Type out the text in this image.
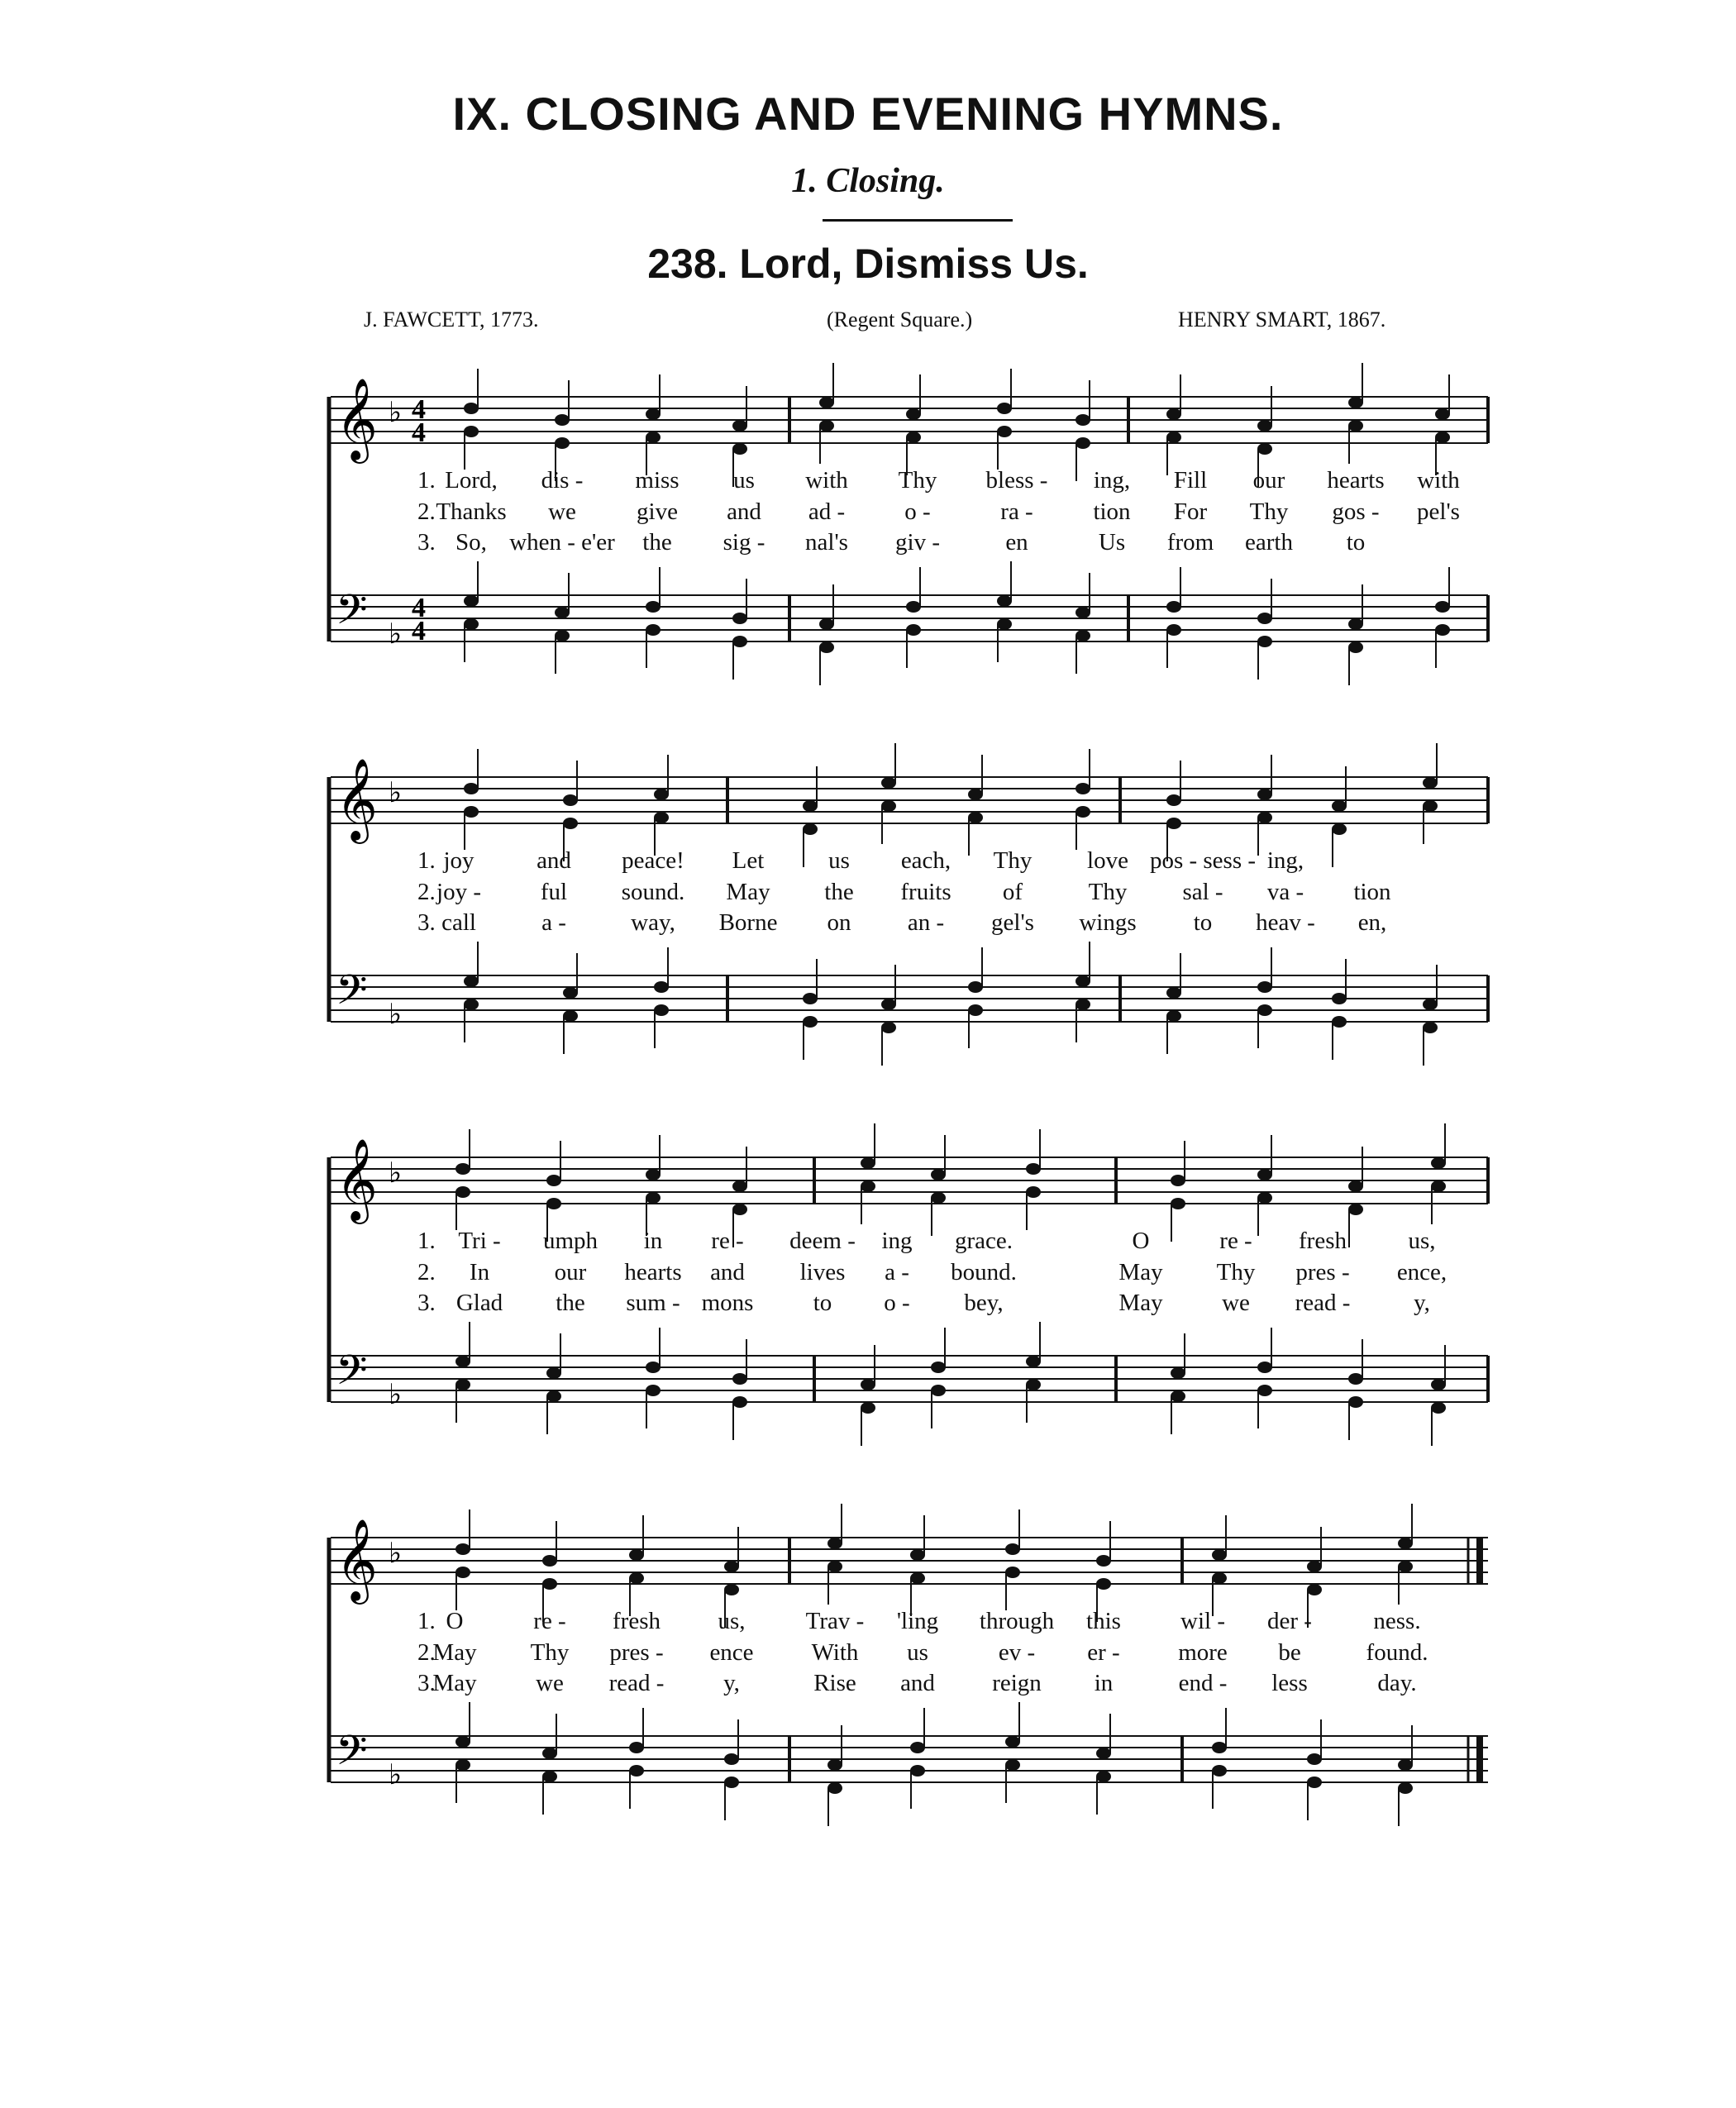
IX. CLOSING AND EVENING HYMNS.
1. Closing.
238. Lord, Dismiss Us.
J. FAWCETT, 1773.	(Regent Square.)	HENRY SMART, 1867.
𝄞
𝄢
♭
♭
4
4
4
4
1. Lord, dis - miss us with Thy bless - ing, Fill our hearts with
2. Thanks we	give and ad - o -	ra -	tion For Thy gos - pel's
3. So, when - e'er the sig - nal's giv -	en	Us from earth to
𝄞
𝄢
♭
♭
1. joy	and peace! Let	us each, Thy love pos - sess - ing,
2. joy - ful sound. May the fruits of	Thy sal - va - tion
3. call	a -	way, Borne on an - gel's wings to heav - en,
𝄞
𝄢
♭
♭
1. Tri - umph in re - deem - ing grace.	O	re - fresh	us,
2. In	our hearts and lives a - bound.	May Thy pres - ence,
3. Glad the sum - mons to o - bey,	May we read -	y,
𝄞
𝄢
♭
♭
1. O	re - fresh us,	Trav - 'ling through this wil - der -	ness.
2.
May Thy pres - ence With us	ev - er - more be	found.
3.
May we read - y,	Rise and reign in	end - less	day.
